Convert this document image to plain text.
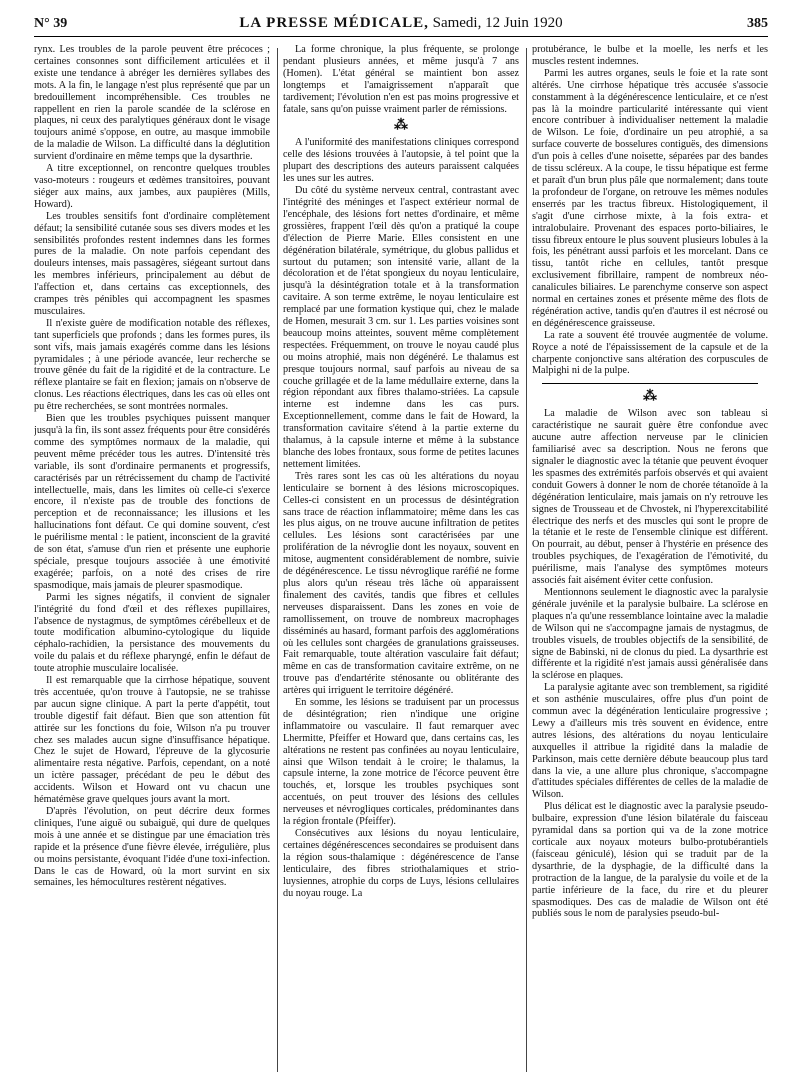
N° 39	LA PRESSE MÉDICALE, Samedi, 12 Juin 1920	385

rynx. Les troubles de la parole peuvent être précoces ; certaines consonnes sont difficilement articulées et il existe une tendance à abréger les dernières syllabes des mots. A la fin, le langage n'est plus représenté que par un bredouillement incompréhensible. Ces troubles ne rappellent en rien la parole scandée de la sclérose en plaques, ni ceux des paralytiques généraux dont le visage toujours animé s'oppose, en outre, au masque immobile de la maladie de Wilson. La difficulté dans la déglutition survient d'ordinaire en même temps que la dysarthrie.

A titre exceptionnel, on rencontre quelques troubles vaso-moteurs : rougeurs et œdèmes transitoires, pouvant siéger aux mains, aux jambes, aux paupières (Mills, Howard).

Les troubles sensitifs font d'ordinaire complètement défaut; la sensibilité cutanée sous ses divers modes et les sensibilités profondes restent indemnes dans les formes pures de la maladie. On note parfois cependant des douleurs intenses, mais passagères, siégeant surtout dans les membres inférieurs, principalement au début de l'affection et, dans certains cas exceptionnels, des crampes très pénibles qui accompagnent les spasmes musculaires.

Il n'existe guère de modification notable des réflexes, tant superficiels que profonds ; dans les formes pures, ils sont vifs, mais jamais exagérés comme dans les lésions pyramidales ; à une période avancée, leur recherche se trouve gênée du fait de la rigidité et de la contracture. Le réflexe plantaire se fait en flexion; jamais on n'observe de clonus. Les réactions électriques, dans les cas où elles ont pu être recherchées, se sont montrées normales.

Bien que les troubles psychiques puissent manquer jusqu'à la fin, ils sont assez fréquents pour être considérés comme des symptômes normaux de la maladie, qui peuvent même précéder tous les autres. D'intensité très variable, ils sont d'ordinaire permanents et progressifs, caractérisés par un rétrécissement du champ de l'activité intellectuelle, mais, dans les limites où celle-ci s'exerce encore, il n'existe pas de trouble des fonctions de perception et de reconnaissance; les illusions et les hallucinations font défaut. Ce qui domine souvent, c'est le puérilisme mental : le patient, inconscient de la gravité de son état, s'amuse d'un rien et présente une euphorie spéciale, presque toujours associée à une émotivité exagérée; parfois, on a noté des crises de rire spasmodique, mais jamais de pleurer spasmodique.

Parmi les signes négatifs, il convient de signaler l'intégrité du fond d'œil et des réflexes pupillaires, l'absence de nystagmus, de symptômes cérébelleux et de toute modification albumino-cytologique du liquide céphalo-rachidien, la persistance des mouvements du voile du palais et du réflexe pharyngé, enfin le défaut de toute atrophie musculaire localisée.

Il est remarquable que la cirrhose hépatique, souvent très accentuée, qu'on trouve à l'autopsie, ne se trahisse par aucun signe clinique. A part la perte d'appétit, tout trouble digestif fait défaut. Bien que son attention fût attirée sur les fonctions du foie, Wilson n'a pu trouver chez ses malades aucun signe d'insuffisance hépatique. Chez le sujet de Howard, l'épreuve de la glycosurie alimentaire resta négative. Parfois, cependant, on a noté un ictère passager, précédant de peu le début des accidents. Wilson et Howard ont vu chacun une hématémèse grave quelques jours avant la mort.

D'après l'évolution, on peut décrire deux formes cliniques, l'une aiguë ou subaiguë, qui dure de quelques mois à une année et se distingue par une émaciation très rapide et la présence d'une fièvre élevée, irrégulière, plus ou moins persistante, évoquant l'idée d'une toxi-infection. Dans le cas de Howard, où la mort survint en six semaines, les hémocultures restèrent négatives.

La forme chronique, la plus fréquente, se prolonge pendant plusieurs années, et même jusqu'à 7 ans (Homen). L'état général se maintient bon assez longtemps et l'amaigrissement n'apparaît que tardivement; l'évolution n'en est pas moins progressive et fatale, sans qu'on puisse vraiment parler de rémissions.

⁂

A l'uniformité des manifestations cliniques correspond celle des lésions trouvées à l'autopsie, à tel point que la plupart des descriptions des auteurs paraissent calquées les unes sur les autres.

Du côté du système nerveux central, contrastant avec l'intégrité des méninges et l'aspect extérieur normal de l'encéphale, des lésions fort nettes d'ordinaire, et même grossières, frappent l'œil dès qu'on a pratiqué la coupe d'élection de Pierre Marie. Elles consistent en une dégénération bilatérale, symétrique, du globus pallidus et surtout du putamen; son intensité varie, allant de la décoloration et de l'état spongieux du noyau lenticulaire, jusqu'à la désintégration totale et à la transformation cavitaire. A son terme extrême, le noyau lenticulaire est remplacé par une formation kystique qui, chez le malade de Homen, mesurait 3 cm. sur 1. Les parties voisines sont beaucoup moins atteintes, souvent même complètement respectées. Fréquemment, on trouve le noyau caudé plus ou moins atrophié, mais non dégénéré. Le thalamus est presque toujours normal, sauf parfois au niveau de sa couche grillagée et de la lame médullaire externe, dans la région répondant aux fibres thalamo-striées. La capsule interne est indemne dans les cas purs. Exceptionnellement, comme dans le fait de Howard, la transformation cavitaire s'étend à la partie externe du thalamus, à la capsule interne et même à la substance blanche des lobes frontaux, sous forme de petites lacunes nettement limitées.

Très rares sont les cas où les altérations du noyau lenticulaire se bornent à des lésions microscopiques. Celles-ci consistent en un processus de désintégration sans trace de réaction inflammatoire; même dans les cas les plus aigus, on ne trouve aucune infiltration de petites cellules. Les lésions sont caractérisées par une prolifération de la névroglie dont les noyaux, souvent en mitose, augmentent considérablement de nombre, suivie de dégénérescence. Le tissu névroglique raréfié ne forme plus alors qu'un réseau très lâche où apparaissent finalement des cavités, tandis que fibres et cellules nerveuses disparaissent. Dans les zones en voie de ramollissement, on trouve de nombreux macrophages disséminés au hasard, formant parfois des agglomérations où les cellules sont chargées de granulations graisseuses. Fait remarquable, toute altération vasculaire fait défaut; même en cas de transformation cavitaire extrême, on ne trouve pas d'endartérite sténosante ou oblitérante des artères qui irriguent le territoire dégénéré.

En somme, les lésions se traduisent par un processus de désintégration; rien n'indique une origine inflammatoire ou vasculaire. Il faut remarquer avec Lhermitte, Pfeiffer et Howard que, dans certains cas, les altérations ne restent pas confinées au noyau lenticulaire, ainsi que Wilson tendait à le croire; le thalamus, la capsule interne, la zone motrice de l'écorce peuvent être touchés, et, lorsque les troubles psychiques sont accentués, on peut trouver des lésions des cellules nerveuses et névrogliques corticales, prédominantes dans la région frontale (Pfeiffer).

Consécutives aux lésions du noyau lenticulaire, certaines dégénérescences secondaires se produisent dans la région sous-thalamique : dégénérescence de l'anse lenticulaire, des fibres striothalamiques et strio-luysiennes, atrophie du corps de Luys, lésions cellulaires du noyau rouge. La

protubérance, le bulbe et la moelle, les nerfs et les muscles restent indemnes.

Parmi les autres organes, seuls le foie et la rate sont altérés. Une cirrhose hépatique très accusée s'associe constamment à la dégénérescence lenticulaire, et ce n'est pas là la moindre particularité intéressante qui vient encore contribuer à individualiser nettement la maladie de Wilson. Le foie, d'ordinaire un peu atrophié, a sa surface couverte de bosselures contiguës, des dimensions d'un pois à celles d'une noisette, séparées par des bandes de tissu scléreux. A la coupe, le tissu hépatique est ferme et paraît d'un brun plus pâle que normalement; dans toute la profondeur de l'organe, on retrouve les mêmes nodules enserrés par les tractus fibreux. Histologiquement, il s'agit d'une cirrhose mixte, à la fois extra- et intralobulaire. Provenant des espaces porto-biliaires, le tissu fibreux entoure le plus souvent plusieurs lobules à la fois, les pénétrant aussi parfois et les morcelant. Dans ce tissu, tantôt riche en cellules, tantôt presque exclusivement fibrillaire, rampent de nombreux néo-canalicules biliaires. Le parenchyme conserve son aspect normal en certaines zones et présente même des flots de régénération active, tandis qu'en d'autres il est nécrosé ou en dégénérescence graisseuse.

La rate a souvent été trouvée augmentée de volume. Royce a noté de l'épaississement de la capsule et de la charpente conjonctive sans altération des corpuscules de Malpighi ni de la pulpe.

⁂

La maladie de Wilson avec son tableau si caractéristique ne saurait guère être confondue avec aucune autre affection nerveuse par le clinicien familiarisé avec sa description. Nous ne ferons que signaler le diagnostic avec la tétanie que peuvent évoquer les spasmes des extrémités parfois observés et qui avaient conduit Gowers à donner le nom de chorée tétanoïde à la dégénération lenticulaire, mais jamais on n'y retrouve les signes de Trousseau et de Chvostek, ni l'hyperexcitabilité électrique des nerfs et des muscles qui sont le propre de la tétanie et le reste de l'ensemble clinique est différent. On pourrait, au début, penser à l'hystérie en présence des troubles psychiques, de l'exagération de l'émotivité, du puérilisme, mais l'analyse des symptômes moteurs associés fait aisément éviter cette confusion.

Mentionnons seulement le diagnostic avec la paralysie générale juvénile et la paralysie bulbaire. La sclérose en plaques n'a qu'une ressemblance lointaine avec la maladie de Wilson qui ne s'accompagne jamais de nystagmus, de troubles visuels, de troubles objectifs de la sensibilité, de signe de Babinski, ni de clonus du pied. La dysarthrie est différente et la rigidité n'est jamais aussi généralisée dans la sclérose en plaques.

La paralysie agitante avec son tremblement, sa rigidité et son asthénie musculaires, offre plus d'un point de commun avec la dégénération lenticulaire progressive ; Lewy a d'ailleurs mis très souvent en évidence, entre autres lésions, des altérations du noyau lenticulaire auxquelles il attribue la rigidité dans la maladie de Parkinson, mais cette dernière débute beaucoup plus tard dans la vie, a une allure plus chronique, s'accompagne d'attitudes spéciales différentes de celles de la maladie de Wilson.

Plus délicat est le diagnostic avec la paralysie pseudo-bulbaire, expression d'une lésion bilatérale du faisceau pyramidal dans sa portion qui va de la zone motrice corticale aux noyaux moteurs bulbo-protubérantiels (faisceau géniculé), lésion qui se traduit par de la dysarthrie, de la dysphagie, de la difficulté dans la protraction de la langue, de la paralysie du voile et de la partie inférieure de la face, du rire et du pleurer spasmodiques. Des cas de maladie de Wilson ont été publiés sous le nom de paralysies pseudo-bul-
